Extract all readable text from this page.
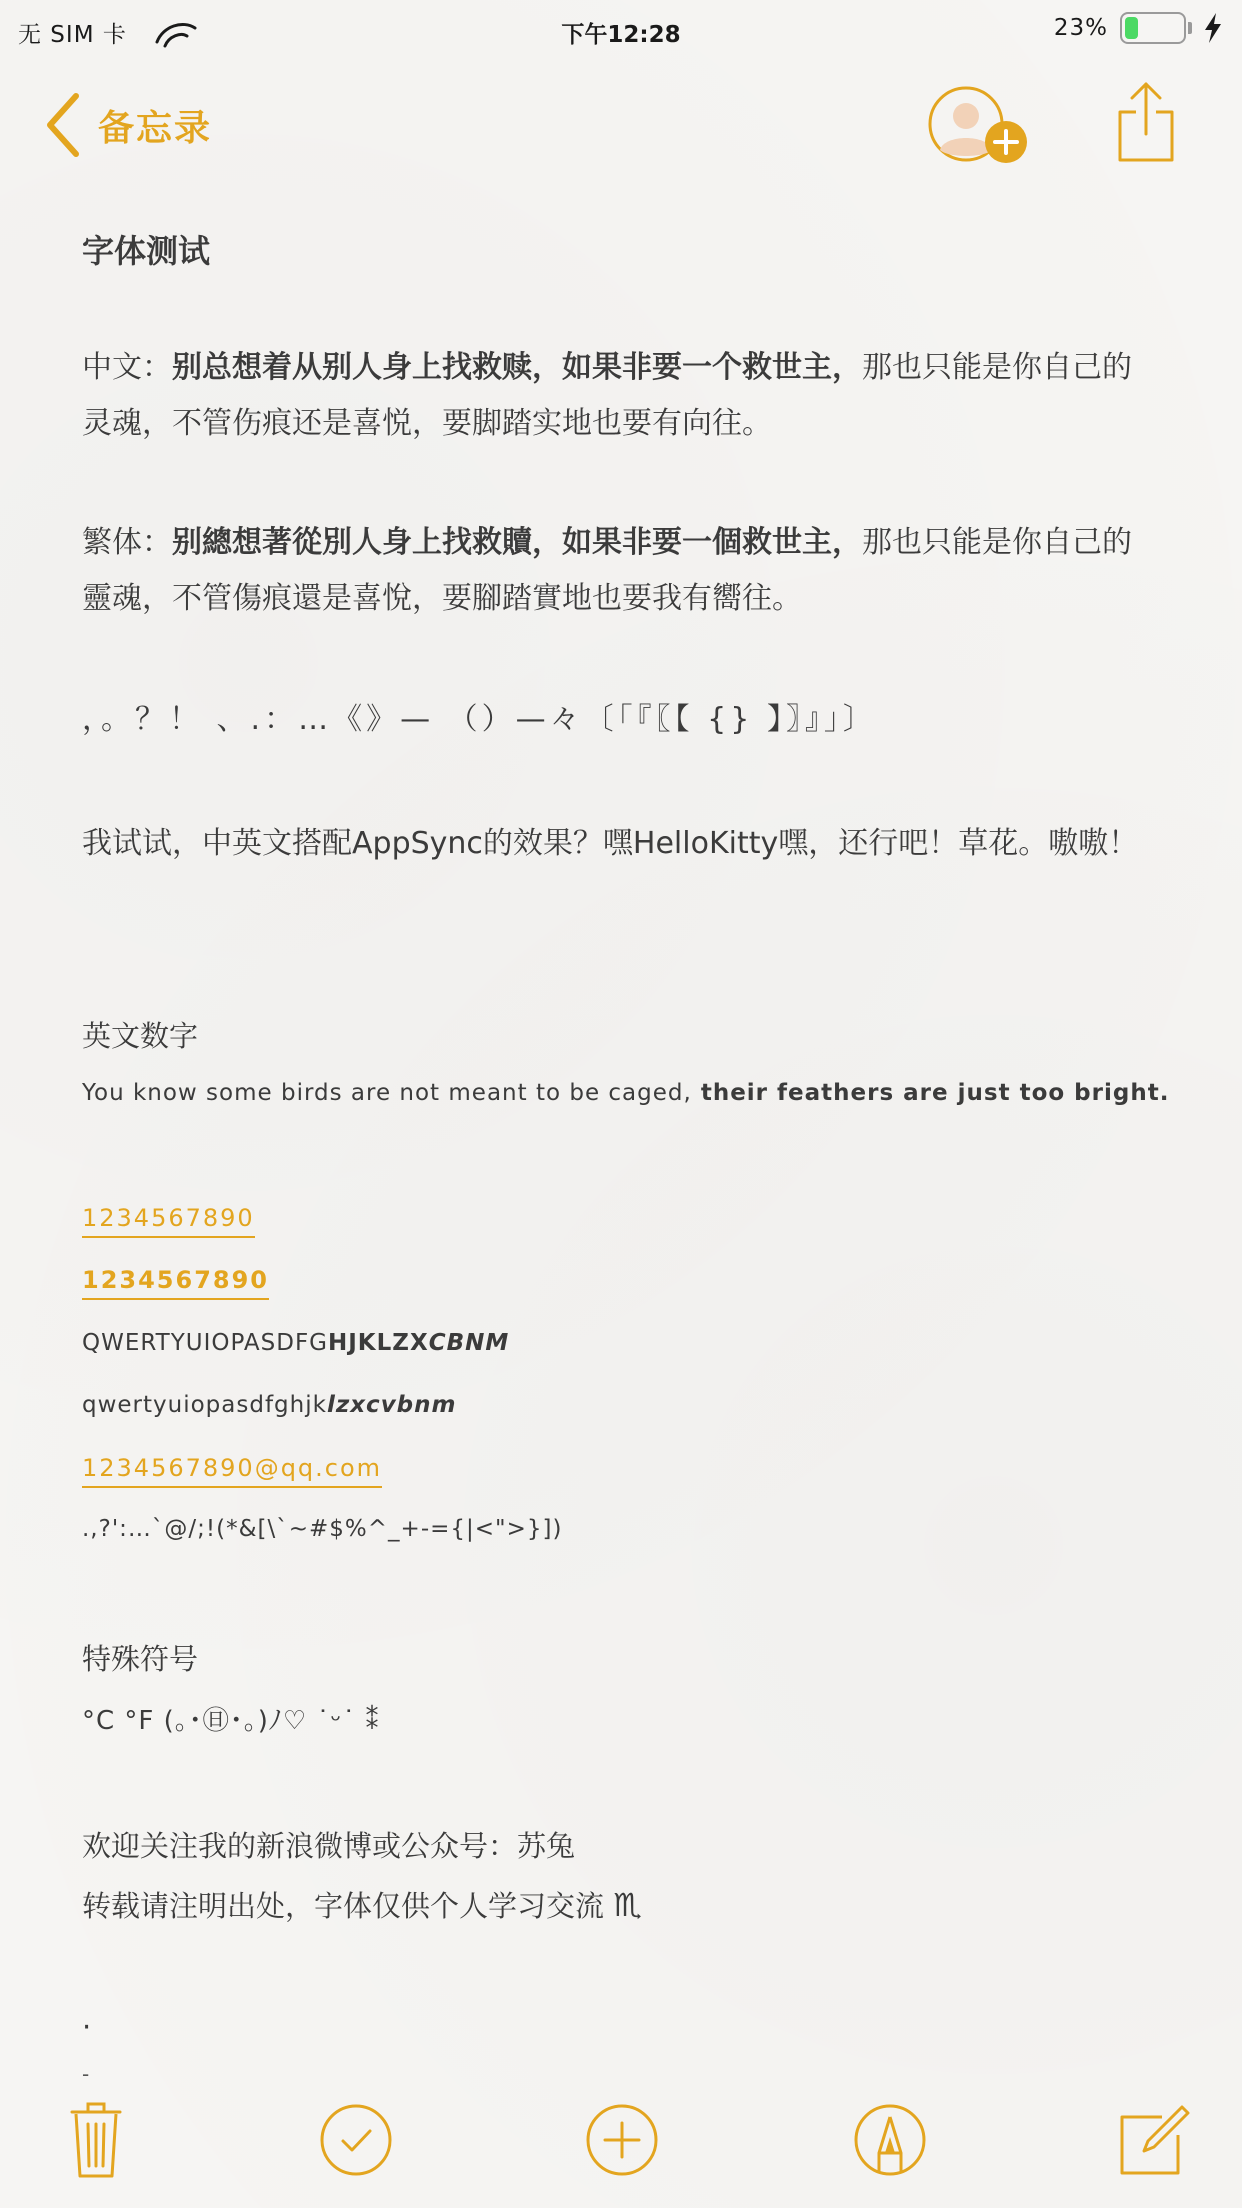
无 SIM 卡	下午12:28	23%
备忘录
字体测试
中文：别总想着从别人身上找救赎，如果非要一个救世主，那也只能是你自己的灵魂，不管伤痕还是喜悦，要脚踏实地也要有向往。
繁体：别總想著從別人身上找救贖，如果非要一個救世主，那也只能是你自己的靈魂，不管傷痕還是喜悅，要腳踏實地也要我有嚮往。
，。？！ 、.：…《》— （）—々〔「『〖【 {} 】〗』」〕
我试试，中英文搭配AppSync的效果？嘿HelloKitty嘿，还行吧！草花。嗷嗷！
英文数字
You know some birds are not meant to be caged, their feathers are just too bright.
1234567890
1234567890
QWERTYUIOPASDFGHJKLZXCBNM
qwertyuiopasdfghjklzxcvbnm
1234567890@qq.com
.,?':…`@/;!(*&[\`~#$%^_+-={|<">}])
特殊符号
°C °F (｡･㊐･｡)ﾉ♡ ˙ᵕ˙ ⁑
欢迎关注我的新浪微博或公众号：苏兔
转载请注明出处，字体仅供个人学习交流 ♏
·
-
